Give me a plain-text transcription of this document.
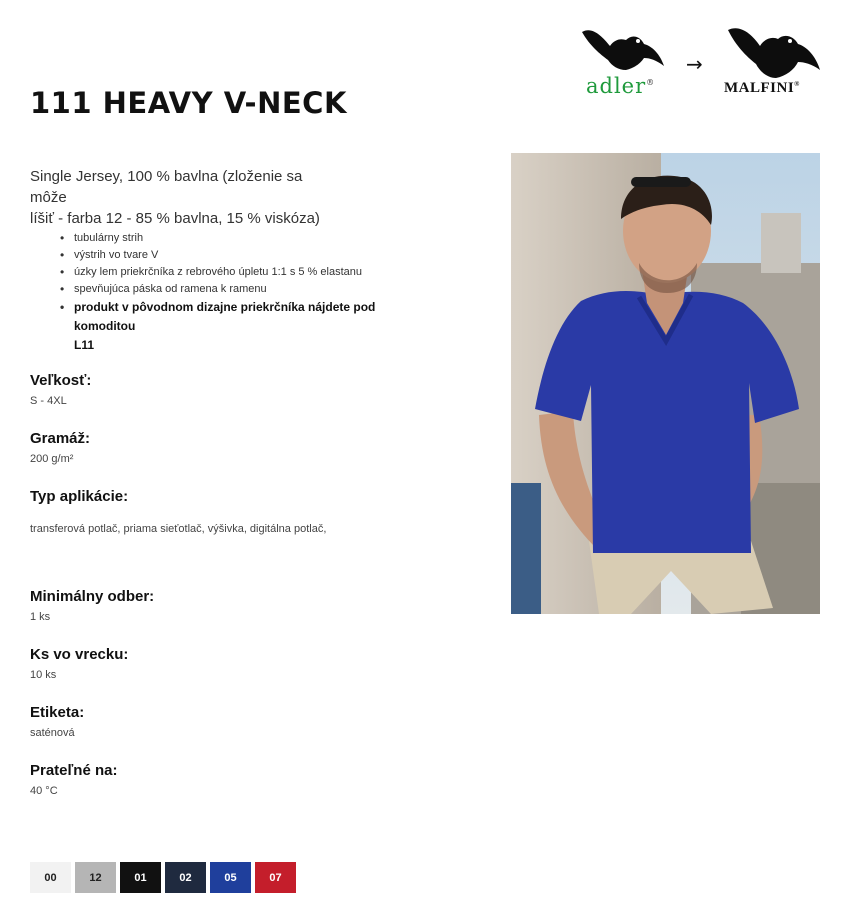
adler®
→
MALFINI®
111 HEAVY V-NECK
Single Jersey, 100 % bavlna (zloženie sa môže
líšiť - farba 12 - 85 % bavlna, 15 % viskóza)
• tubulárny strih
• výstrih vo tvare V
• úzky lem priekrčníka z rebrového úpletu 1:1 s 5 % elastanu
• spevňujúca páska od ramena k ramenu
• produkt v pôvodnom dizajne priekrčníka nájdete pod komoditou
L11
Veľkosť:
S - 4XL
Gramáž:
200 g/m²
Typ aplikácie:
transferová potlač, priama sieťotlač, výšivka, digitálna potlač,
Minimálny odber:
1 ks
Ks vo vrecku:
10 ks
Etiketa:
saténová
Prateľné na:
40 °C
00	12	01	02	05	07
